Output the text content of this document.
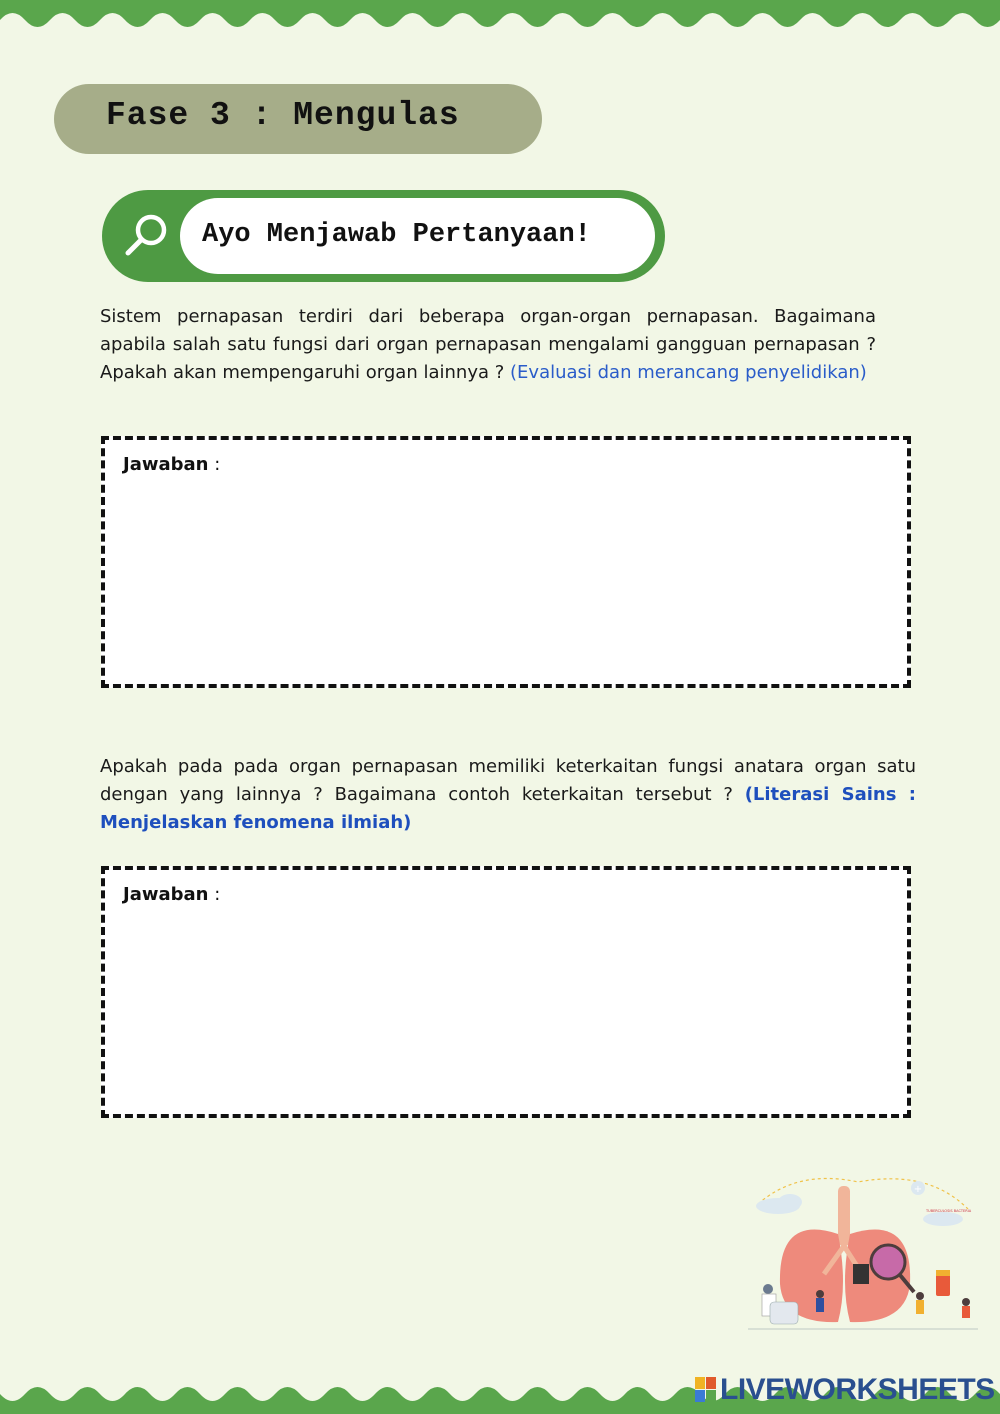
Fase 3 : Mengulas
Ayo Menjawab Pertanyaan!

Sistem pernapasan terdiri dari beberapa organ-organ pernapasan. Bagaimana apabila salah satu fungsi dari organ pernapasan mengalami gangguan pernapasan ? Apakah akan mempengaruhi organ lainnya ? (Evaluasi dan merancang penyelidikan)

Jawaban :

Apakah pada pada organ pernapasan memiliki keterkaitan fungsi anatara organ satu dengan yang lainnya ? Bagaimana contoh keterkaitan tersebut ? (Literasi Sains : Menjelaskan fenomena ilmiah)

Jawaban :
+
TUBERCULOSIS BACTERIA
LIVEWORKSHEETS
